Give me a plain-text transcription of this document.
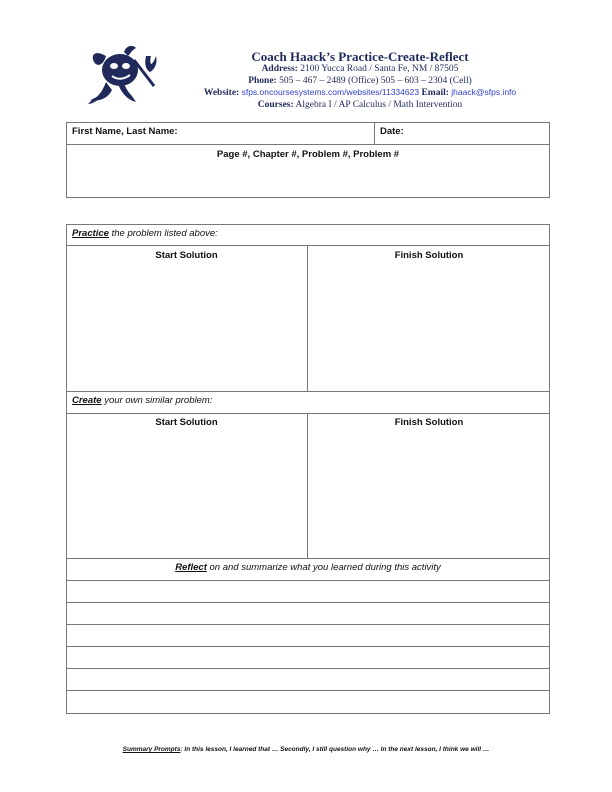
Coach Haack’s Practice-Create-Reflect
Address: 2100 Yucca Road / Santa Fe, NM / 87505
Phone: 505 – 467 – 2489 (Office) 505 – 603 – 2304 (Cell)
Website: sfps.oncoursesystems.com/websites/11334623 Email: jhaack@sfps.info
Courses: Algebra I / AP Calculus / Math Intervention
First Name, Last Name:	Date:
Page #, Chapter #, Problem #, Problem #
Practice the problem listed above:
Start Solution	Finish Solution
Create your own similar problem:
Start Solution	Finish Solution
Reflect on and summarize what you learned during this activity
Summary Prompts: In this lesson, I learned that … Secondly, I still question why … In the next lesson, I think we will …
